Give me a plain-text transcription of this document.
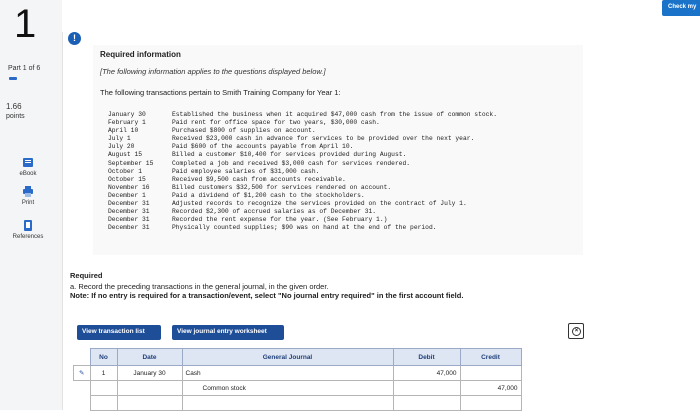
1
Part 1 of 6
1.66
points
eBook
Print
References
Check my
!
Required information
[The following information applies to the questions displayed below.]
The following transactions pertain to Smith Training Company for Year 1:
January 30	Established the business when it acquired $47,000 cash from the issue of common stock.
February 1	Paid rent for office space for two years, $30,000 cash.
April 10	Purchased $800 of supplies on account.
July 1	Received $23,000 cash in advance for services to be provided over the next year.
July 20	Paid $600 of the accounts payable from April 10.
August 15	Billed a customer $10,400 for services provided during August.
September 15	Completed a job and received $3,000 cash for services rendered.
October 1	Paid employee salaries of $31,000 cash.
October 15	Received $9,500 cash from accounts receivable.
November 16	Billed customers $32,500 for services rendered on account.
December 1	Paid a dividend of $1,200 cash to the stockholders.
December 31	Adjusted records to recognize the services provided on the contract of July 1.
December 31	Recorded $2,300 of accrued salaries as of December 31.
December 31	Recorded the rent expense for the year. (See February 1.)
December 31	Physically counted supplies; $90 was on hand at the end of the period.
Required
a. Record the preceding transactions in the general journal, in the given order.
Note: If no entry is required for a transaction/event, select "No journal entry required" in the first account field.
View transaction list	View journal entry worksheet	×
	No	Date	General Journal	Debit	Credit
✎	1	January 30	Cash	47,000	
			Common stock		47,000
